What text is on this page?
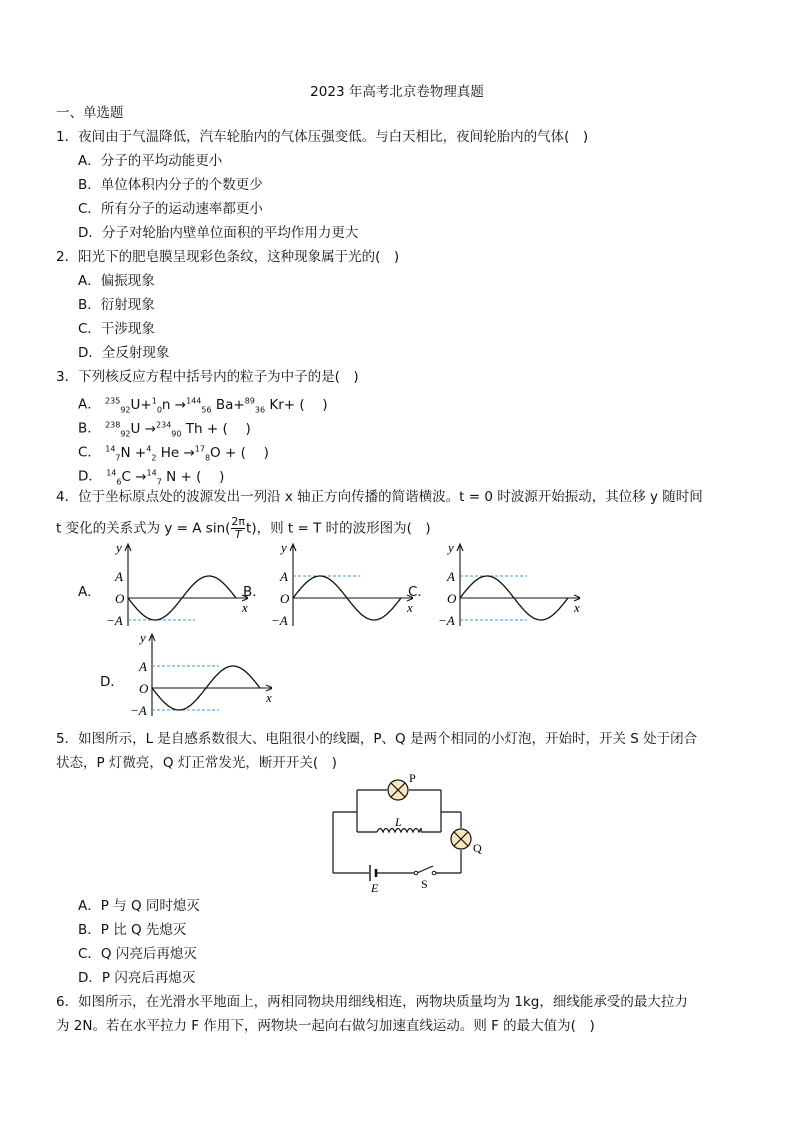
2023 年高考北京卷物理真题
一、单选题
1．夜间由于气温降低，汽车轮胎内的气体压强变低。与白天相比，夜间轮胎内的气体(　)
A．分子的平均动能更小
B．单位体积内分子的个数更少
C．所有分子的运动速率都更小
D．分子对轮胎内壁单位面积的平均作用力更大
2．阳光下的肥皂膜呈现彩色条纹，这种现象属于光的(　)
A．偏振现象
B．衍射现象
C．干涉现象
D．全反射现象
3．下列核反应方程中括号内的粒子为中子的是(　)
A． $^{235}_{92}$U+$^1_0$n →$^{144}_{56}$ Ba+$^{89}_{36}$ Kr+ (　 )
B． $^{238}_{92}$U →$^{234}_{90}$ Th + (　 )
C． $^{14}_7$N +$^4_2$ He →$^{17}_8$O + (　 )
D． $^{14}_6$C →$^{14}_7$ N + (　 )
4．位于坐标原点处的波源发出一列沿 x 轴正方向传播的简谐横波。t = 0 时波源开始振动，其位移 y 随时间
t 变化的关系式为 y = A $\sin( \frac{2\pi}{T} t)$，则 t = T 时的波形图为(　)
A．	B．	C．
D．
y
x
A
O
−A
y
x
A
O
−A
y
x
A
O
−A
y
x
A
O
−A
5．如图所示，L 是自感系数很大、电阻很小的线圈，P、Q 是两个相同的小灯泡，开始时，开关 S 处于闭合
状态，P 灯微亮，Q 灯正常发光，断开开关(　)
P
L
Q
E	S
A．P 与 Q 同时熄灭
B．P 比 Q 先熄灭
C．Q 闪亮后再熄灭
D．P 闪亮后再熄灭
6．如图所示，在光滑水平地面上，两相同物块用细线相连，两物块质量均为 1kg，细线能承受的最大拉力
为 2N。若在水平拉力 F 作用下，两物块一起向右做匀加速直线运动。则 F 的最大值为(　)
